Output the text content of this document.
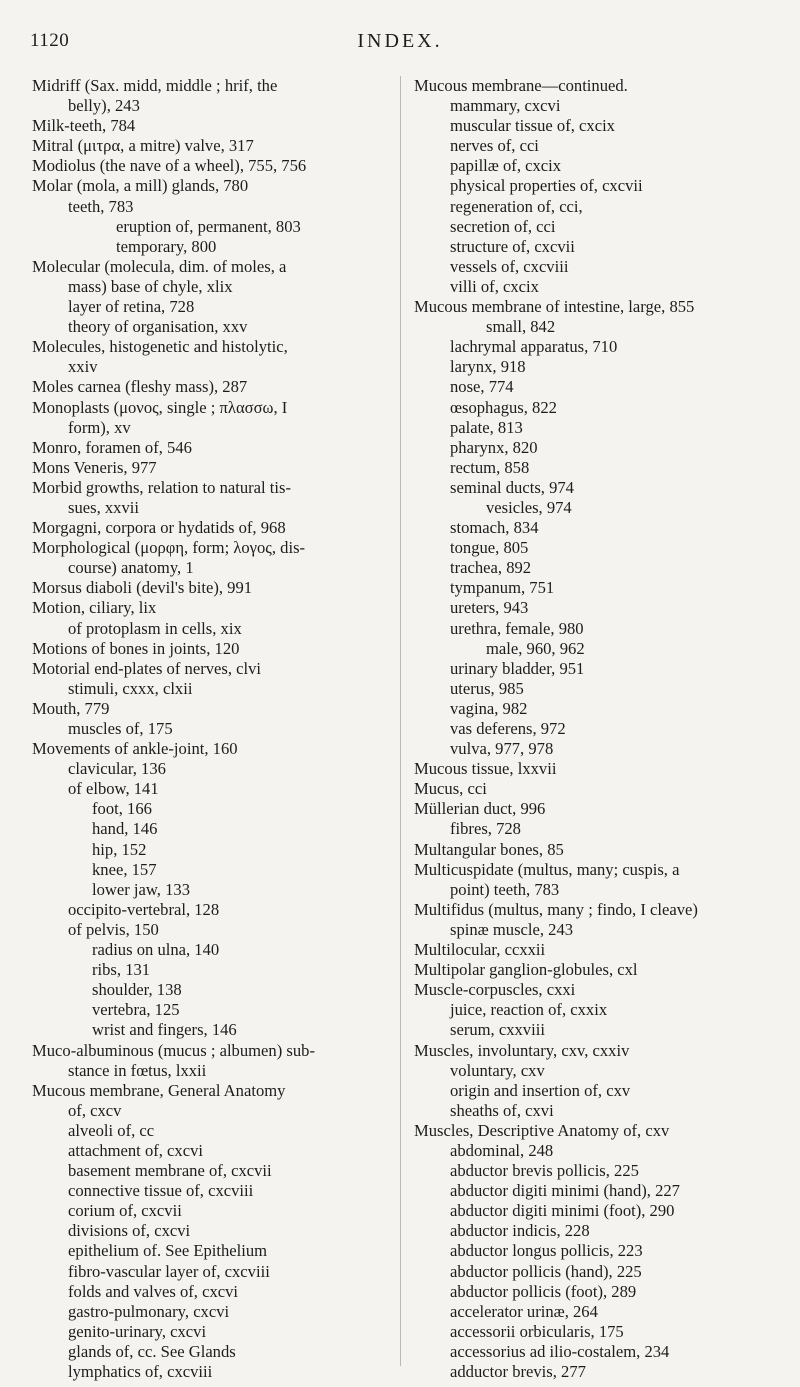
1120	INDEX.
Midriff (Sax. midd, middle ; hrif, the
belly), 243
Milk-teeth, 784
Mitral (μιτρα, a mitre) valve, 317
Modiolus (the nave of a wheel), 755, 756
Molar (mola, a mill) glands, 780
teeth, 783
eruption of, permanent, 803
temporary, 800
Molecular (molecula, dim. of moles, a
mass) base of chyle, xlix
layer of retina, 728
theory of organisation, xxv
Molecules, histogenetic and histolytic,
xxiv
Moles carnea (fleshy mass), 287
Monoplasts (μονος, single ; πλασσω, I
form), xv
Monro, foramen of, 546
Mons Veneris, 977
Morbid growths, relation to natural tis-
sues, xxvii
Morgagni, corpora or hydatids of, 968
Morphological (μορφη, form; λογος, dis-
course) anatomy, 1
Morsus diaboli (devil's bite), 991
Motion, ciliary, lix
of protoplasm in cells, xix
Motions of bones in joints, 120
Motorial end-plates of nerves, clvi
stimuli, cxxx, clxii
Mouth, 779
muscles of, 175
Movements of ankle-joint, 160
clavicular, 136
of elbow, 141
foot, 166
hand, 146
hip, 152
knee, 157
lower jaw, 133
occipito-vertebral, 128
of pelvis, 150
radius on ulna, 140
ribs, 131
shoulder, 138
vertebra, 125
wrist and fingers, 146
Muco-albuminous (mucus ; albumen) sub-
stance in fœtus, lxxii
Mucous membrane, General Anatomy
of, cxcv
alveoli of, cc
attachment of, cxcvi
basement membrane of, cxcvii
connective tissue of, cxcviii
corium of, cxcvii
divisions of, cxcvi
epithelium of. See Epithelium
fibro-vascular layer of, cxcviii
folds and valves of, cxcvi
gastro-pulmonary, cxcvi
genito-urinary, cxcvi
glands of, cc. See Glands
lymphatics of, cxcviii
Mucous membrane—continued.
mammary, cxcvi
muscular tissue of, cxcix
nerves of, cci
papillæ of, cxcix
physical properties of, cxcvii
regeneration of, cci,
secretion of, cci
structure of, cxcvii
vessels of, cxcviii
villi of, cxcix
Mucous membrane of intestine, large, 855
small, 842
lachrymal apparatus, 710
larynx, 918
nose, 774
œsophagus, 822
palate, 813
pharynx, 820
rectum, 858
seminal ducts, 974
vesicles, 974
stomach, 834
tongue, 805
trachea, 892
tympanum, 751
ureters, 943
urethra, female, 980
male, 960, 962
urinary bladder, 951
uterus, 985
vagina, 982
vas deferens, 972
vulva, 977, 978
Mucous tissue, lxxvii
Mucus, cci
Müllerian duct, 996
fibres, 728
Multangular bones, 85
Multicuspidate (multus, many; cuspis, a
point) teeth, 783
Multifidus (multus, many ; findo, I cleave)
spinæ muscle, 243
Multilocular, ccxxii
Multipolar ganglion-globules, cxl
Muscle-corpuscles, cxxi
juice, reaction of, cxxix
serum, cxxviii
Muscles, involuntary, cxv, cxxiv
voluntary, cxv
origin and insertion of, cxv
sheaths of, cxvi
Muscles, Descriptive Anatomy of, cxv
abdominal, 248
abductor brevis pollicis, 225
abductor digiti minimi (hand), 227
abductor digiti minimi (foot), 290
abductor indicis, 228
abductor longus pollicis, 223
abductor pollicis (hand), 225
abductor pollicis (foot), 289
accelerator urinæ, 264
accessorii orbicularis, 175
accessorius ad ilio-costalem, 234
adductor brevis, 277
